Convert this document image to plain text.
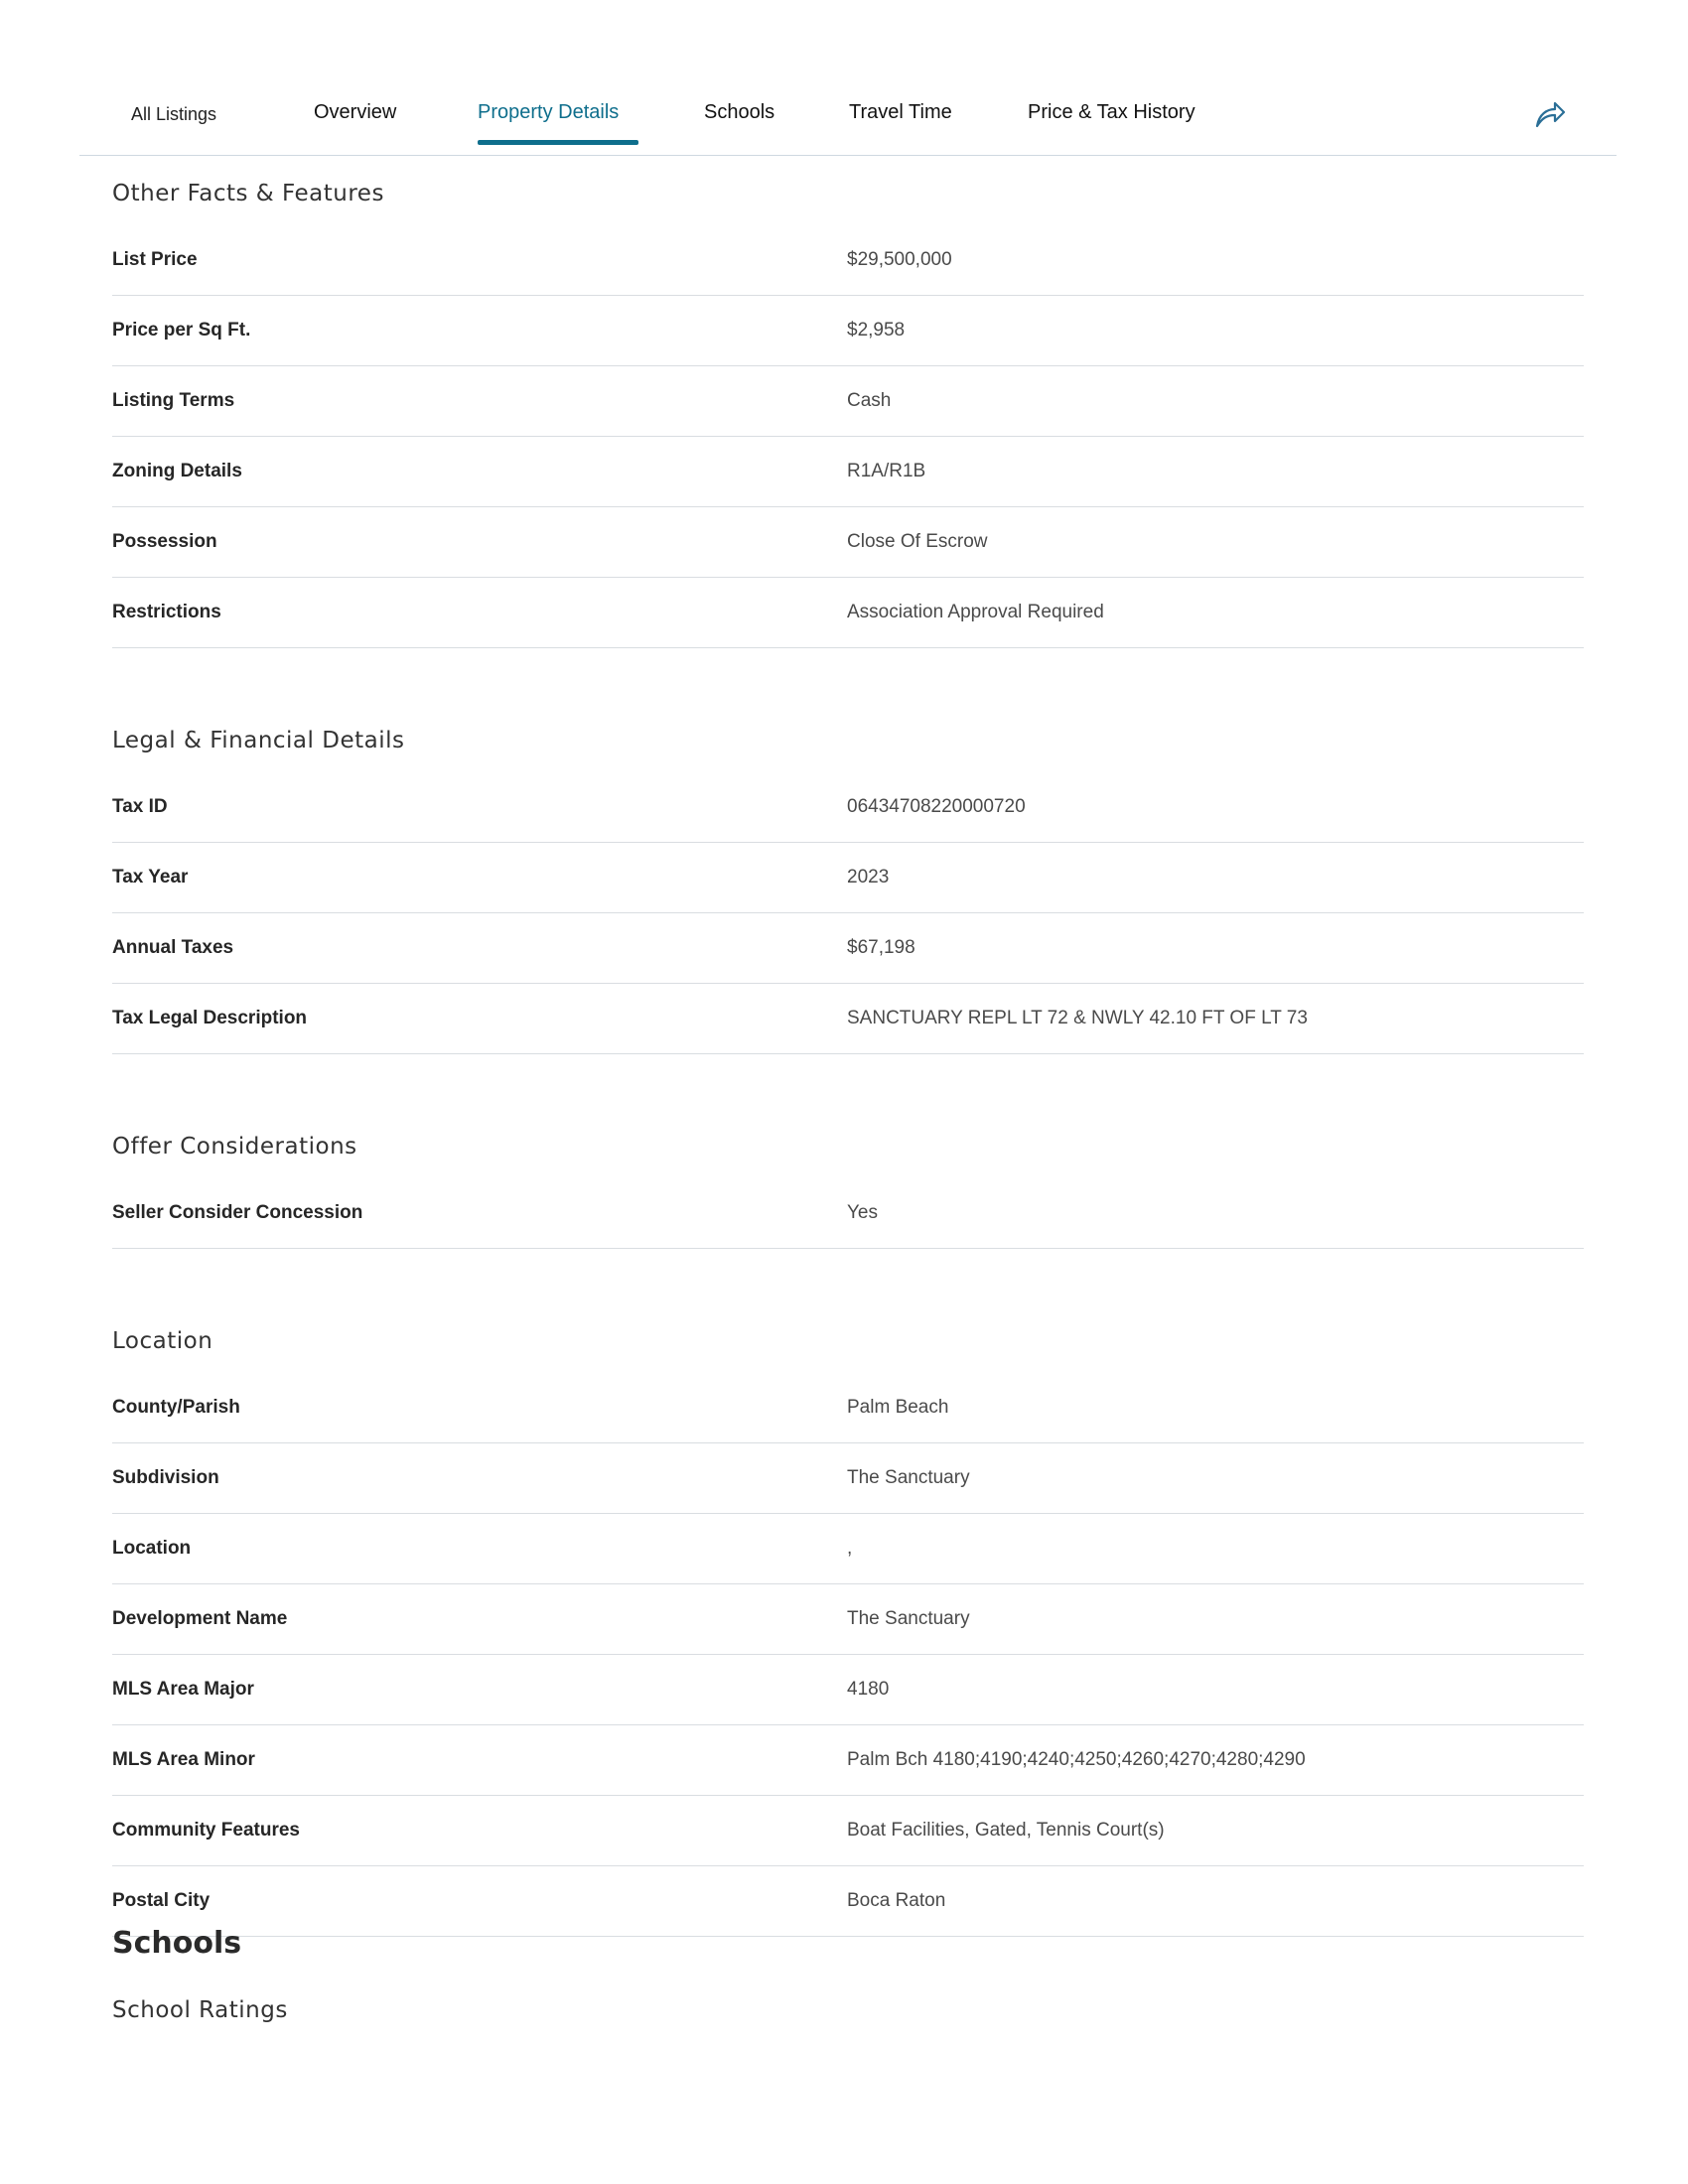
All Listings	Overview	Property Details	Schools	Travel Time	Price & Tax History
Other Facts & Features
List Price	$29,500,000
Price per Sq Ft.	$2,958
Listing Terms	Cash
Zoning Details	R1A/R1B
Possession	Close Of Escrow
Restrictions	Association Approval Required
Legal & Financial Details
Tax ID	06434708220000720
Tax Year	2023
Annual Taxes	$67,198
Tax Legal Description	SANCTUARY REPL LT 72 & NWLY 42.10 FT OF LT 73
Offer Considerations
Seller Consider Concession	Yes
Location
County/Parish	Palm Beach
Subdivision	The Sanctuary
Location	,
Development Name	The Sanctuary
MLS Area Major	4180
MLS Area Minor	Palm Bch 4180;4190;4240;4250;4260;4270;4280;4290
Community Features	Boat Facilities, Gated, Tennis Court(s)
Postal City	Boca Raton
Schools
School Ratings
